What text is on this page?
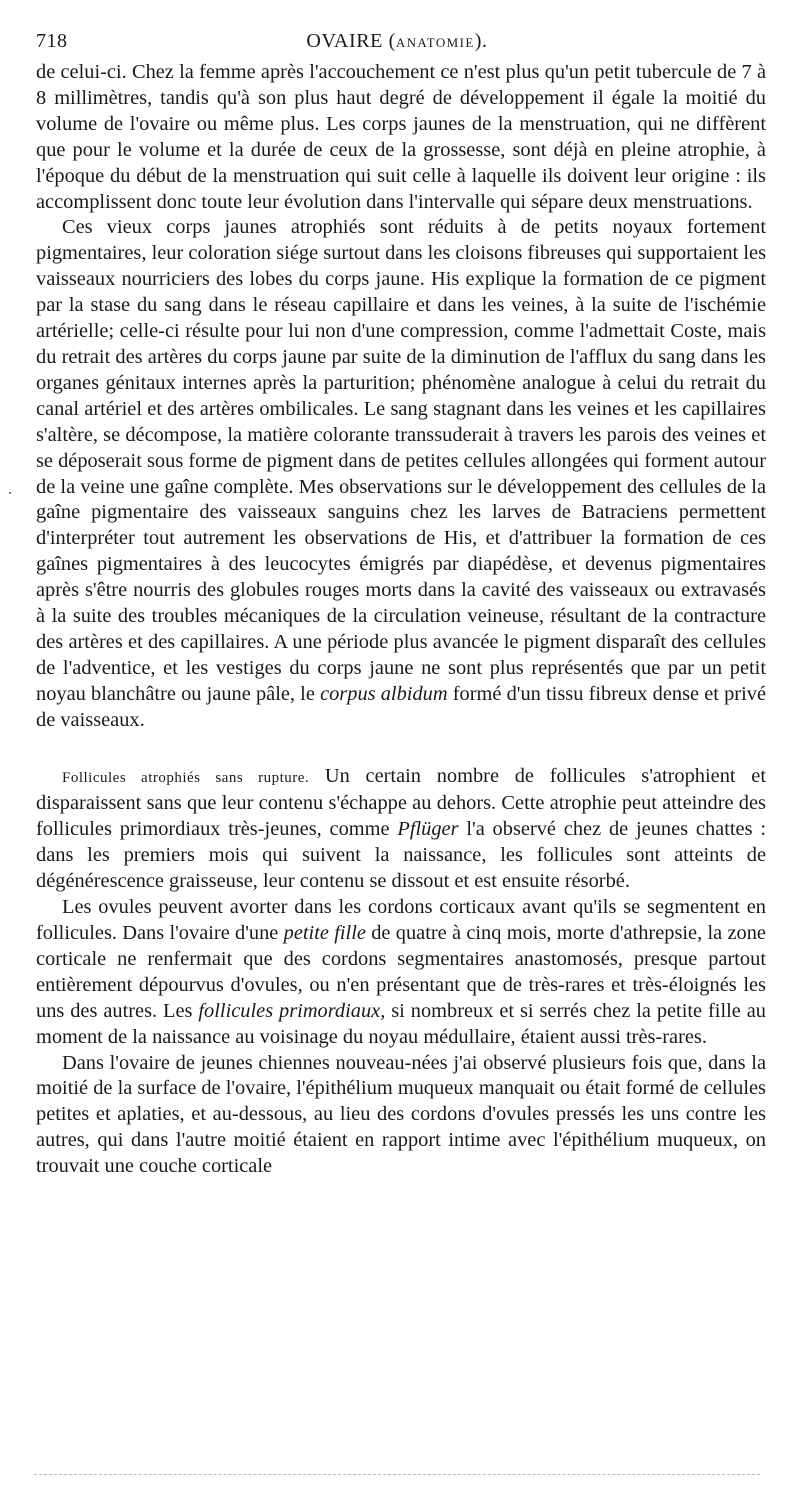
718	OVAIRE (ANATOMIE).

de celui-ci. Chez la femme après l'accouchement ce n'est plus qu'un petit tubercule de 7 à 8 millimètres, tandis qu'à son plus haut degré de développement il égale la moitié du volume de l'ovaire ou même plus. Les corps jaunes de la menstruation, qui ne diffèrent que pour le volume et la durée de ceux de la grossesse, sont déjà en pleine atrophie, à l'époque du début de la menstruation qui suit celle à laquelle ils doivent leur origine : ils accomplissent donc toute leur évolution dans l'intervalle qui sépare deux menstruations.

Ces vieux corps jaunes atrophiés sont réduits à de petits noyaux fortement pigmentaires, leur coloration siége surtout dans les cloisons fibreuses qui supportaient les vaisseaux nourriciers des lobes du corps jaune. His explique la formation de ce pigment par la stase du sang dans le réseau capillaire et dans les veines, à la suite de l'ischémie artérielle; celle-ci résulte pour lui non d'une compression, comme l'admettait Coste, mais du retrait des artères du corps jaune par suite de la diminution de l'afflux du sang dans les organes génitaux internes après la parturition; phénomène analogue à celui du retrait du canal artériel et des artères ombilicales. Le sang stagnant dans les veines et les capillaires s'altère, se décompose, la matière colorante transsuderait à travers les parois des veines et se déposerait sous forme de pigment dans de petites cellules allongées qui forment autour de la veine une gaîne complète. Mes observations sur le développement des cellules de la gaîne pigmentaire des vaisseaux sanguins chez les larves de Batraciens permettent d'interpréter tout autrement les observations de His, et d'attribuer la formation de ces gaînes pigmentaires à des leucocytes émigrés par diapédèse, et devenus pigmentaires après s'être nourris des globules rouges morts dans la cavité des vaisseaux ou extravasés à la suite des troubles mécaniques de la circulation veineuse, résultant de la contracture des artères et des capillaires. A une période plus avancée le pigment disparaît des cellules de l'adventice, et les vestiges du corps jaune ne sont plus représentés que par un petit noyau blanchâtre ou jaune pâle, le corpus albidum formé d'un tissu fibreux dense et privé de vaisseaux.

Follicules atrophiés sans rupture. Un certain nombre de follicules s'atrophient et disparaissent sans que leur contenu s'échappe au dehors. Cette atrophie peut atteindre des follicules primordiaux très-jeunes, comme Pflüger l'a observé chez de jeunes chattes : dans les premiers mois qui suivent la naissance, les follicules sont atteints de dégénérescence graisseuse, leur contenu se dissout et est ensuite résorbé.

Les ovules peuvent avorter dans les cordons corticaux avant qu'ils se segmentent en follicules. Dans l'ovaire d'une petite fille de quatre à cinq mois, morte d'athrepsie, la zone corticale ne renfermait que des cordons segmentaires anastomosés, presque partout entièrement dépourvus d'ovules, ou n'en présentant que de très-rares et très-éloignés les uns des autres. Les follicules primordiaux, si nombreux et si serrés chez la petite fille au moment de la naissance au voisinage du noyau médullaire, étaient aussi très-rares.

Dans l'ovaire de jeunes chiennes nouveau-nées j'ai observé plusieurs fois que, dans la moitié de la surface de l'ovaire, l'épithélium muqueux manquait ou était formé de cellules petites et aplaties, et au-dessous, au lieu des cordons d'ovules pressés les uns contre les autres, qui dans l'autre moitié étaient en rapport intime avec l'épithélium muqueux, on trouvait une couche corticale
